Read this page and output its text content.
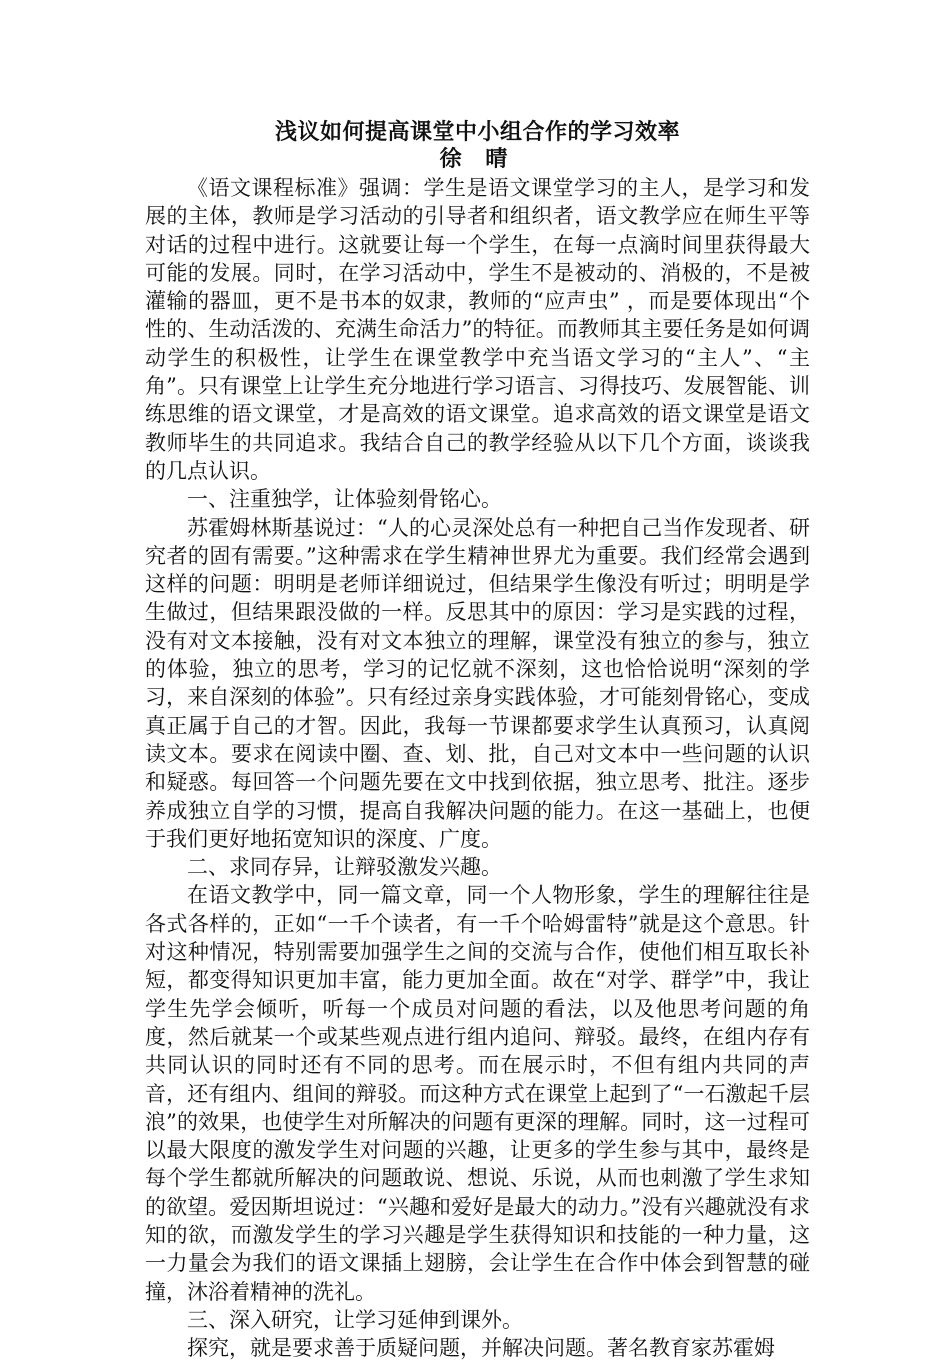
浅议如何提高课堂中小组合作的学习效率
徐 晴

《语文课程标准》强调：学生是语文课堂学习的主人，是学习和发展的主体，教师是学习活动的引导者和组织者，语文教学应在师生平等对话的过程中进行。这就要让每一个学生，在每一点滴时间里获得最大可能的发展。同时，在学习活动中，学生不是被动的、消极的，不是被灌输的器皿，更不是书本的奴隶，教师的“应声虫” ，而是要体现出“个性的、生动活泼的、充满生命活力”的特征。而教师其主要任务是如何调动学生的积极性，让学生在课堂教学中充当语文学习的“主人”、“主角”。只有课堂上让学生充分地进行学习语言、习得技巧、发展智能、训练思维的语文课堂，才是高效的语文课堂。追求高效的语文课堂是语文教师毕生的共同追求。我结合自己的教学经验从以下几个方面，谈谈我的几点认识。

一、注重独学，让体验刻骨铭心。

苏霍姆林斯基说过：“人的心灵深处总有一种把自己当作发现者、研究者的固有需要。”这种需求在学生精神世界尤为重要。我们经常会遇到这样的问题：明明是老师详细说过，但结果学生像没有听过；明明是学生做过，但结果跟没做的一样。反思其中的原因：学习是实践的过程，没有对文本接触，没有对文本独立的理解，课堂没有独立的参与，独立的体验，独立的思考，学习的记忆就不深刻，这也恰恰说明“深刻的学习，来自深刻的体验”。只有经过亲身实践体验，才可能刻骨铭心，变成真正属于自己的才智。因此，我每一节课都要求学生认真预习，认真阅读文本。要求在阅读中圈、查、划、批，自己对文本中一些问题的认识和疑惑。每回答一个问题先要在文中找到依据，独立思考、批注。逐步养成独立自学的习惯，提高自我解决问题的能力。在这一基础上，也便于我们更好地拓宽知识的深度、广度。

二、求同存异，让辩驳激发兴趣。

在语文教学中，同一篇文章，同一个人物形象，学生的理解往往是各式各样的，正如“一千个读者，有一千个哈姆雷特”就是这个意思。针对这种情况，特别需要加强学生之间的交流与合作，使他们相互取长补短，都变得知识更加丰富，能力更加全面。故在“对学、群学”中，我让学生先学会倾听，听每一个成员对问题的看法，以及他思考问题的角度，然后就某一个或某些观点进行组内追问、辩驳。最终，在组内存有共同认识的同时还有不同的思考。而在展示时，不但有组内共同的声音，还有组内、组间的辩驳。而这种方式在课堂上起到了“一石激起千层浪”的效果，也使学生对所解决的问题有更深的理解。同时，这一过程可以最大限度的激发学生对问题的兴趣，让更多的学生参与其中，最终是每个学生都就所解决的问题敢说、想说、乐说，从而也刺激了学生求知的欲望。爱因斯坦说过：“兴趣和爱好是最大的动力。”没有兴趣就没有求知的欲，而激发学生的学习兴趣是学生获得知识和技能的一种力量，这一力量会为我们的语文课插上翅膀，会让学生在合作中体会到智慧的碰撞，沐浴着精神的洗礼。

三、深入研究，让学习延伸到课外。

探究，就是要求善于质疑问题，并解决问题。著名教育家苏霍姆
